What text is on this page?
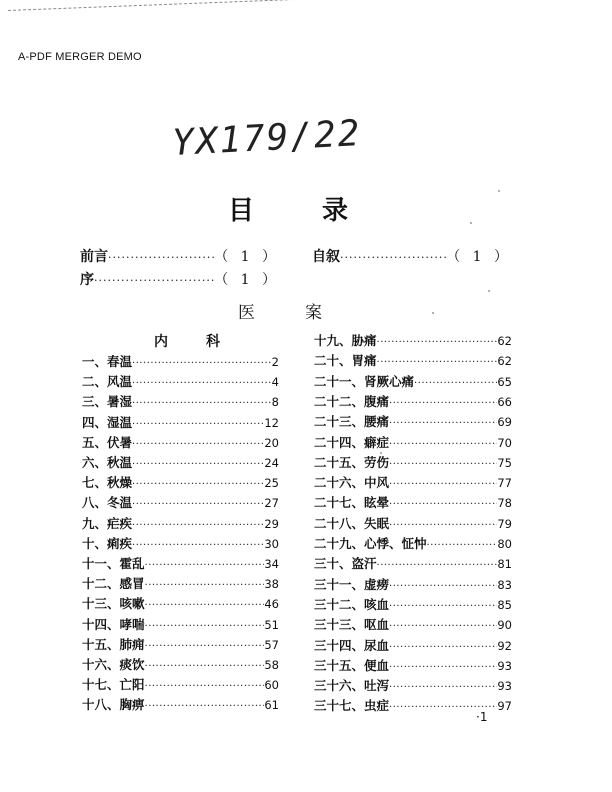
A-PDF MERGER DEMO
YX179/22
目	录
前言 ·····	（ 1 ）
序 ·····	（ 1 ）
自叙 ·····	（ 1 ）
医	案
内	科
一、春温 ·····	2
二、风温 ·····	4
三、暑湿 ·····	8
四、湿温 ·····	12
五、伏暑 ·····	20
六、秋温 ·····	24
七、秋燥 ·····	25
八、冬温 ·····	27
九、疟疾 ·····	29
十、痢疾 ·····	30
十一、霍乱 ·····	34
十二、感冒 ·····	38
十三、咳嗽 ·····	46
十四、哮喘 ·····	51
十五、肺痈 ·····	57
十六、痰饮 ·····	58
十七、亡阳 ·····	60
十八、胸痹 ·····	61
十九、胁痛 ·····	62
二十、胃痛 ·····	62
二十一、肾厥心痛 ·····	65
二十二、腹痛 ·····	66
二十三、腰痛 ·····	69
二十四、癖症 ·····	70
二十五、劳伤 ·····	75
二十六、中风 ·····	77
二十七、眩晕 ·····	78
二十八、失眠 ·····	79
二十九、心悸、怔忡 ·····	80
三十、盗汗 ·····	81
三十一、虚痨 ·····	83
三十二、咳血 ·····	85
三十三、呕血 ·····	90
三十四、尿血 ·····	92
三十五、便血 ·····	93
三十六、吐泻 ·····	93
三十七、虫症 ·····	97
·1
